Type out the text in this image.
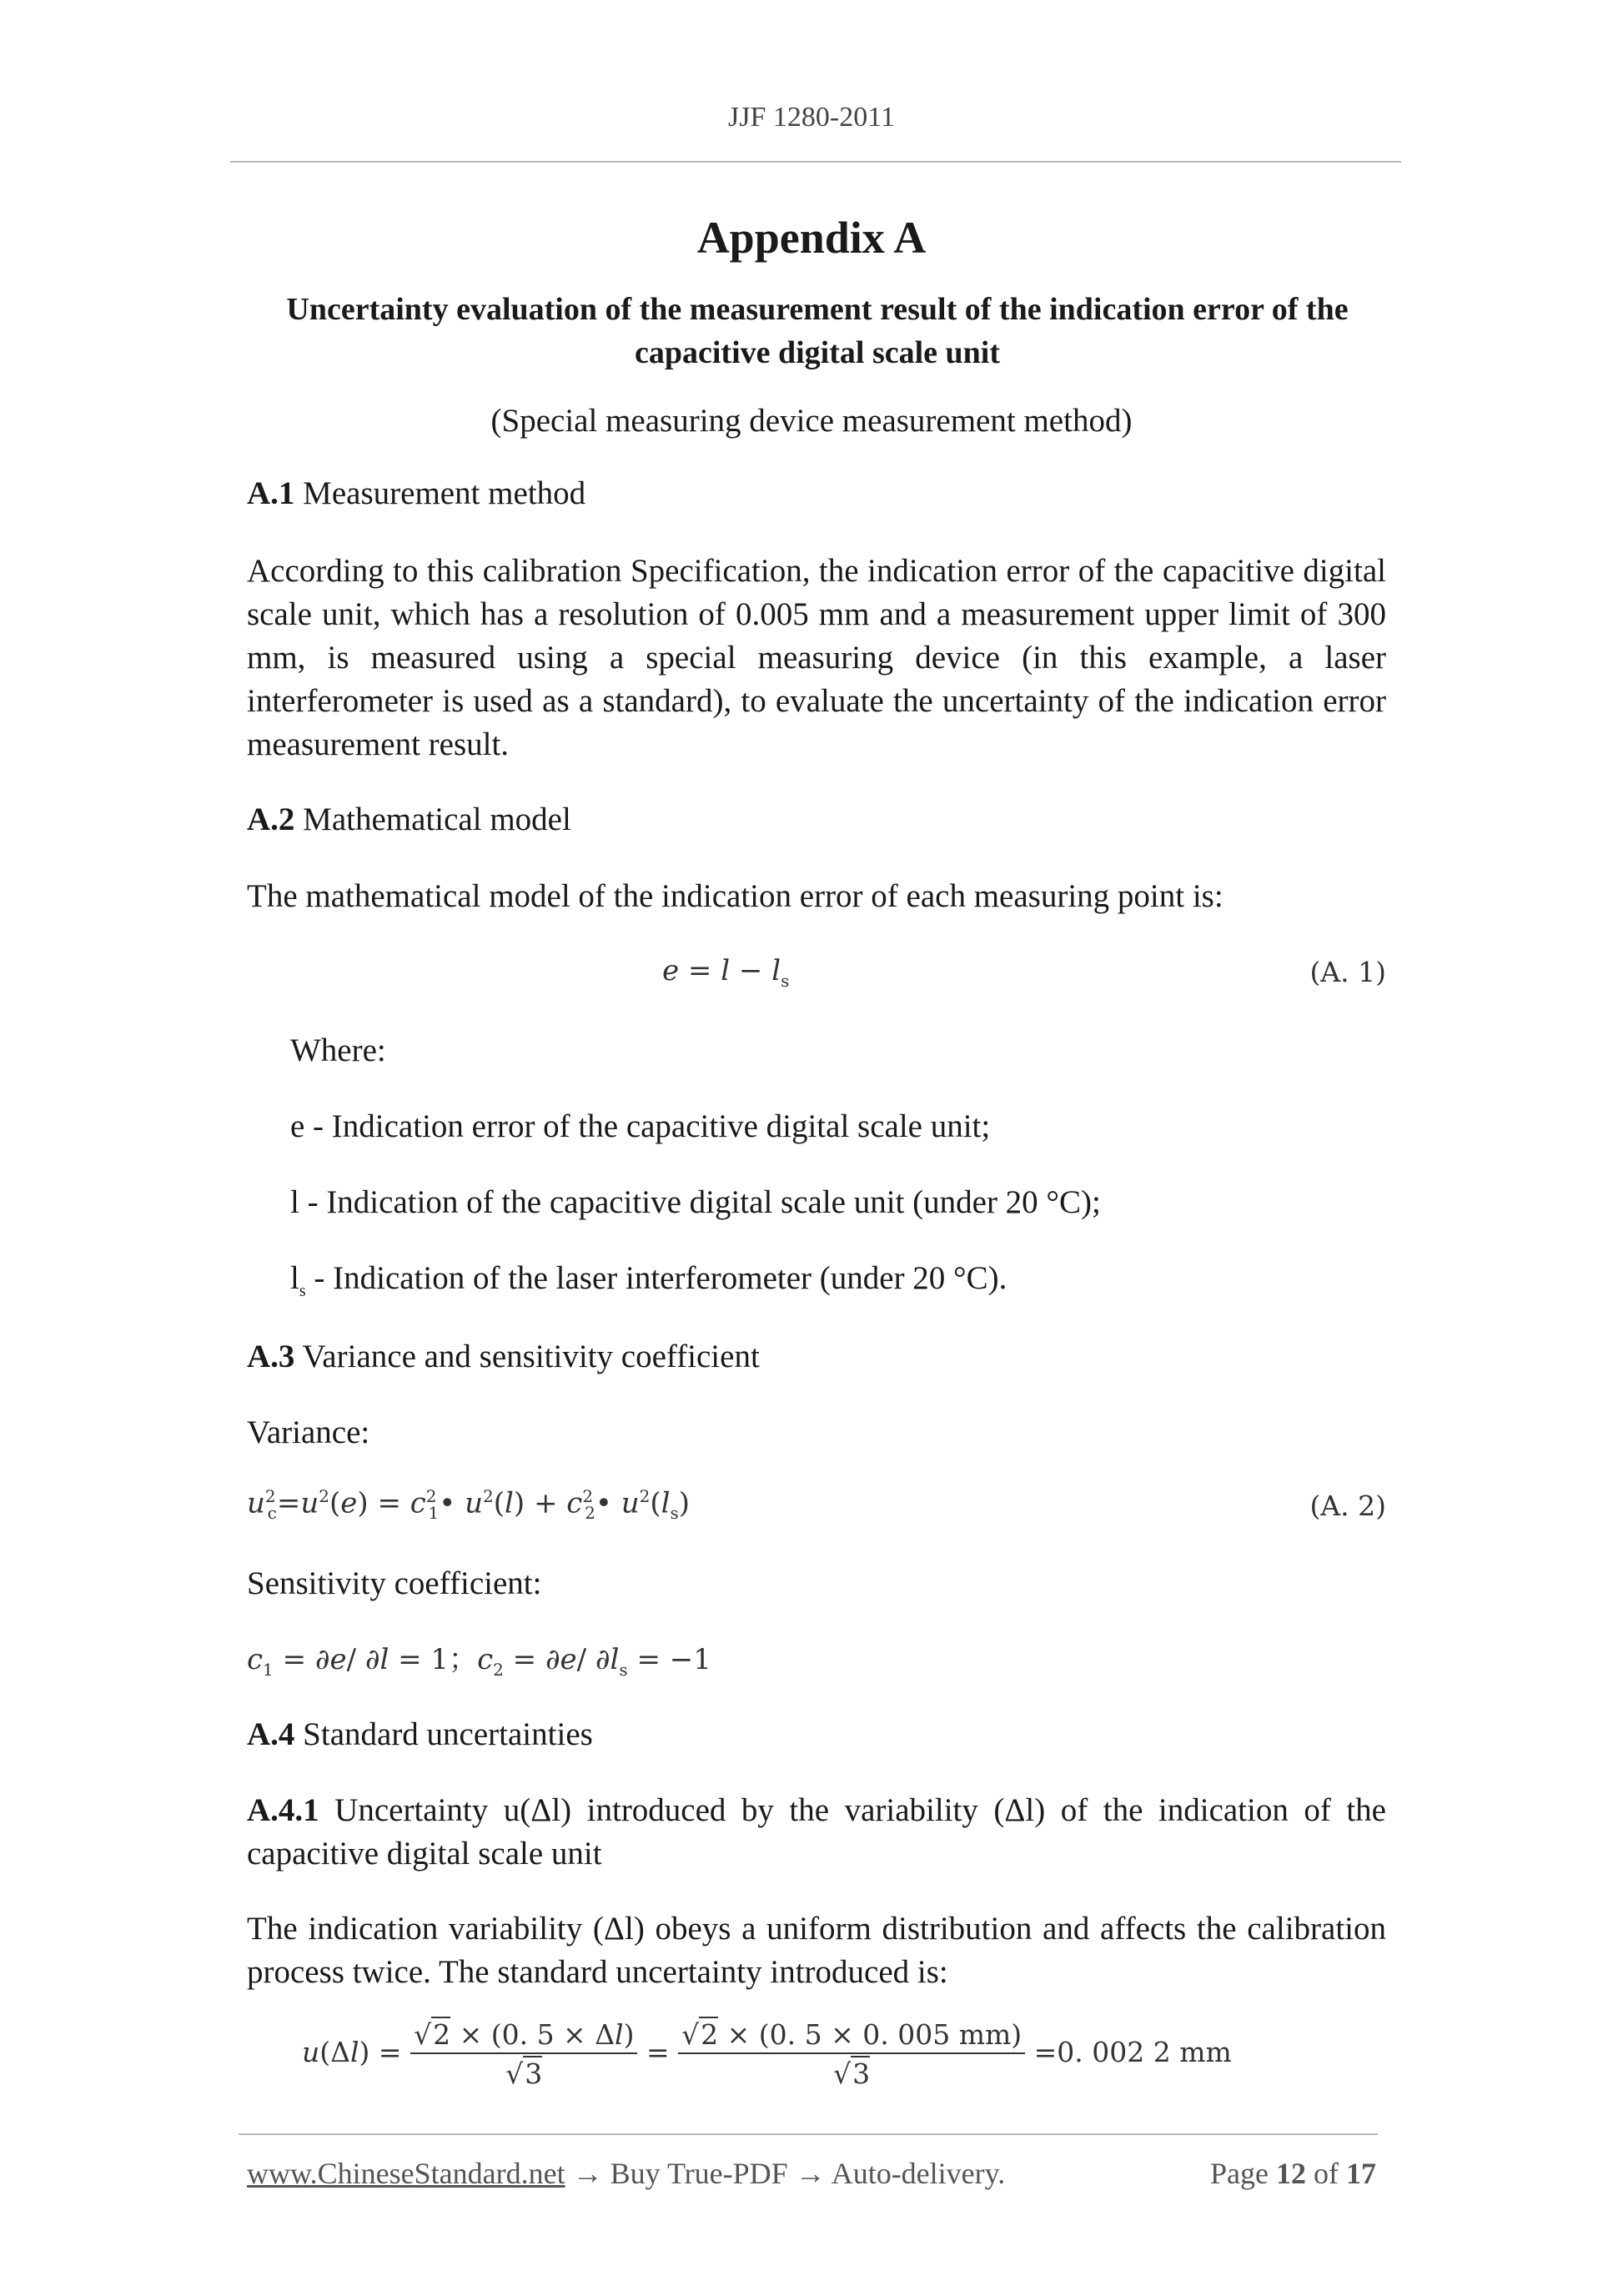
JJF 1280-2011
Appendix A
Uncertainty evaluation of the measurement result of the indication error of the capacitive digital scale unit
(Special measuring device measurement method)
A.1 Measurement method
According to this calibration Specification, the indication error of the capacitive digital scale unit, which has a resolution of 0.005 mm and a measurement upper limit of 300 mm, is measured using a special measuring device (in this example, a laser interferometer is used as a standard), to evaluate the uncertainty of the indication error measurement result.
A.2 Mathematical model
The mathematical model of the indication error of each measuring point is:
$e = l - l_s$	(A. 1)
Where:
e - Indication error of the capacitive digital scale unit;
l - Indication of the capacitive digital scale unit (under 20 °C);
$l_s$ - Indication of the laser interferometer (under 20 °C).
A.3 Variance and sensitivity coefficient
Variance:
$u^2_c=u^2(e)$ = $c^2_1•$ $u^2(l)$ + $c^2_2•$ $u^2(l_s)$	(A. 2)
Sensitivity coefficient:
$c_1 = \partial e/$ ∂l = 1；$c_2 = \partial e/$ $\partial l_s = -1$
A.4 Standard uncertainties
A.4.1 Uncertainty u(Δl) introduced by the variability (Δl) of the indication of the capacitive digital scale unit
The indication variability (Δl) obeys a uniform distribution and affects the calibration process twice. The standard uncertainty introduced is:
$u(\Delta l) = \frac{√2 \times (0. 5 \times \Delta l)}{√3} = \frac{√2 \times (0. 5 \times 0. 005 mm)}{√3} =0$. 002 2 mm
www.ChineseStandard.net → Buy True-PDF → Auto-delivery.	Page 12 of 17
